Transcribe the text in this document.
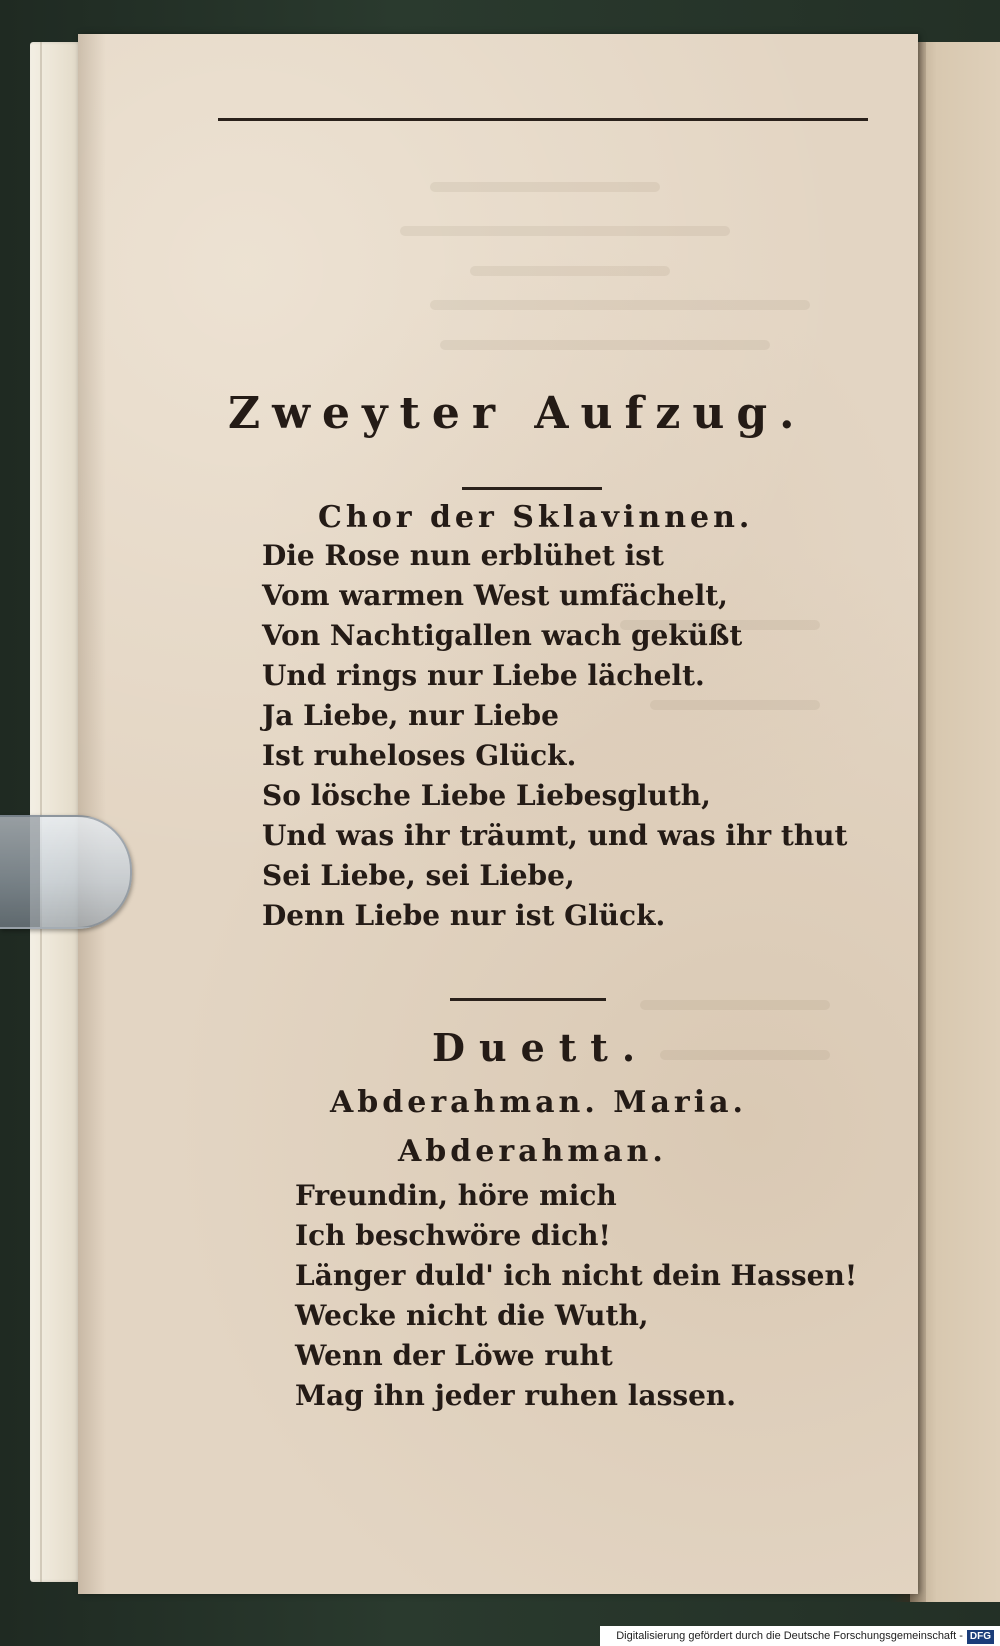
Zweyter Aufzug.
Chor der Sklavinnen.
Die Rose nun erblühet ist
Vom warmen West umfächelt,
Von Nachtigallen wach geküßt
Und rings nur Liebe lächelt.
Ja Liebe, nur Liebe
Ist ruheloses Glück.
So lösche Liebe Liebesgluth,
Und was ihr träumt, und was ihr thut
Sei Liebe, sei Liebe,
Denn Liebe nur ist Glück.
Duett.
Abderahman. Maria.
Abderahman.
Freundin, höre mich
Ich beschwöre dich!
Länger duld' ich nicht dein Hassen!
Wecke nicht die Wuth,
Wenn der Löwe ruht
Mag ihn jeder ruhen lassen.
Digitalisierung gefördert durch die Deutsche Forschungsgemeinschaft - DFG
